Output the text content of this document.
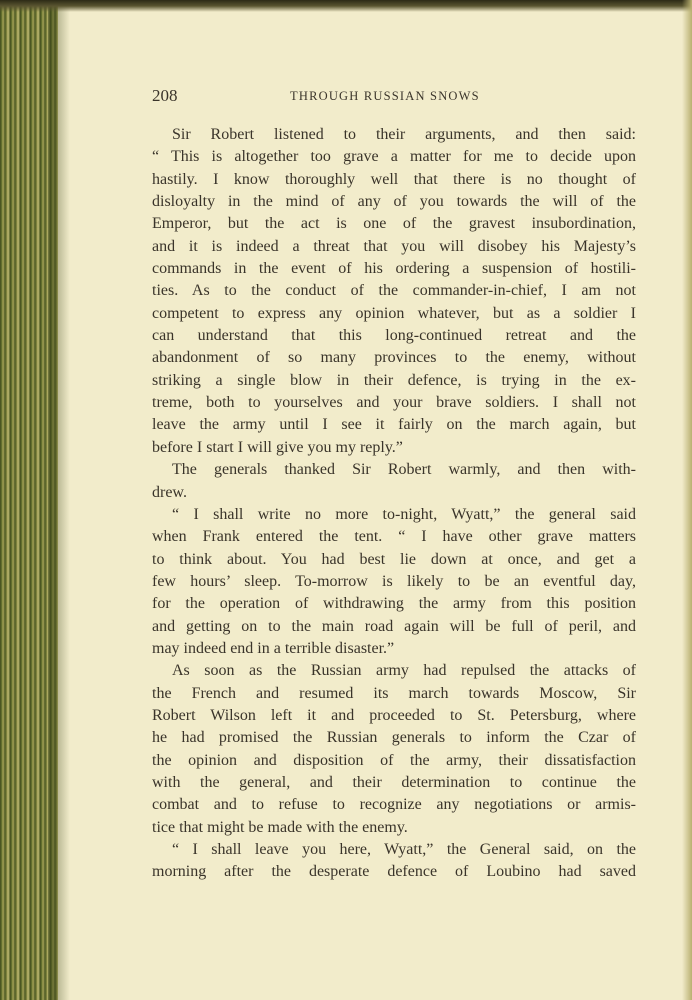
208	THROUGH RUSSIAN SNOWS
Sir Robert listened to their arguments, and then said:
“ This is altogether too grave a matter for me to decide upon
hastily. I know thoroughly well that there is no thought of
disloyalty in the mind of any of you towards the will of the
Emperor, but the act is one of the gravest insubordination,
and it is indeed a threat that you will disobey his Majesty’s
commands in the event of his ordering a suspension of hostili-
ties. As to the conduct of the commander-in-chief, I am not
competent to express any opinion whatever, but as a soldier I
can understand that this long-continued retreat and the
abandonment of so many provinces to the enemy, without
striking a single blow in their defence, is trying in the ex-
treme, both to yourselves and your brave soldiers. I shall not
leave the army until I see it fairly on the march again, but
before I start I will give you my reply.”
The generals thanked Sir Robert warmly, and then with-
drew.
“ I shall write no more to-night, Wyatt,” the general said
when Frank entered the tent. “ I have other grave matters
to think about. You had best lie down at once, and get a
few hours’ sleep. To-morrow is likely to be an eventful day,
for the operation of withdrawing the army from this position
and getting on to the main road again will be full of peril, and
may indeed end in a terrible disaster.”
As soon as the Russian army had repulsed the attacks of
the French and resumed its march towards Moscow, Sir
Robert Wilson left it and proceeded to St. Petersburg, where
he had promised the Russian generals to inform the Czar of
the opinion and disposition of the army, their dissatisfaction
with the general, and their determination to continue the
combat and to refuse to recognize any negotiations or armis-
tice that might be made with the enemy.
“ I shall leave you here, Wyatt,” the General said, on the
morning after the desperate defence of Loubino had saved
